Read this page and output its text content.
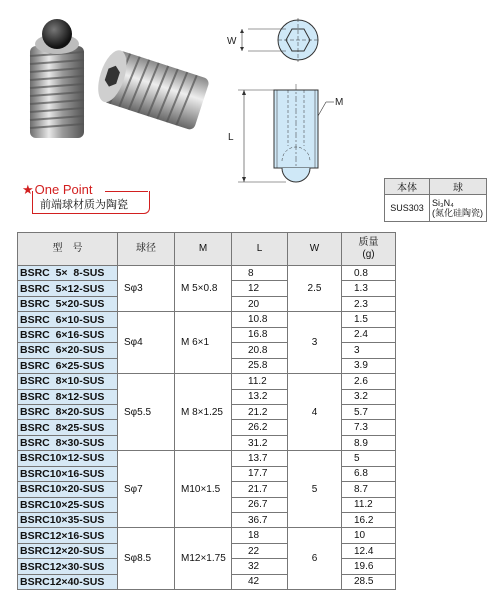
W
L
M
★One Point
前端球材质为陶瓷
本体	球
SUS303	Si₃N₄
(氮化硅陶瓷)
型　号	球径	M	L	W	质量
(g)

BSRC  5×  8-SUS	Sφ3	M 5×0.8	8	2.5	0.8
BSRC  5×12-SUS			12		1.3
BSRC  5×20-SUS			20		2.3
BSRC  6×10-SUS	Sφ4	M 6×1	10.8	3	1.5
BSRC  6×16-SUS			16.8		2.4
BSRC  6×20-SUS			20.8		3
BSRC  6×25-SUS			25.8		3.9
BSRC  8×10-SUS	Sφ5.5	M 8×1.25	11.2	4	2.6
BSRC  8×12-SUS			13.2		3.2
BSRC  8×20-SUS			21.2		5.7
BSRC  8×25-SUS			26.2		7.3
BSRC  8×30-SUS			31.2		8.9
BSRC10×12-SUS	Sφ7	M10×1.5	13.7	5	5
BSRC10×16-SUS			17.7		6.8
BSRC10×20-SUS			21.7		8.7
BSRC10×25-SUS			26.7		11.2
BSRC10×35-SUS			36.7		16.2
BSRC12×16-SUS	Sφ8.5	M12×1.75	18	6	10
BSRC12×20-SUS			22		12.4
BSRC12×30-SUS			32		19.6
BSRC12×40-SUS			42		28.5
